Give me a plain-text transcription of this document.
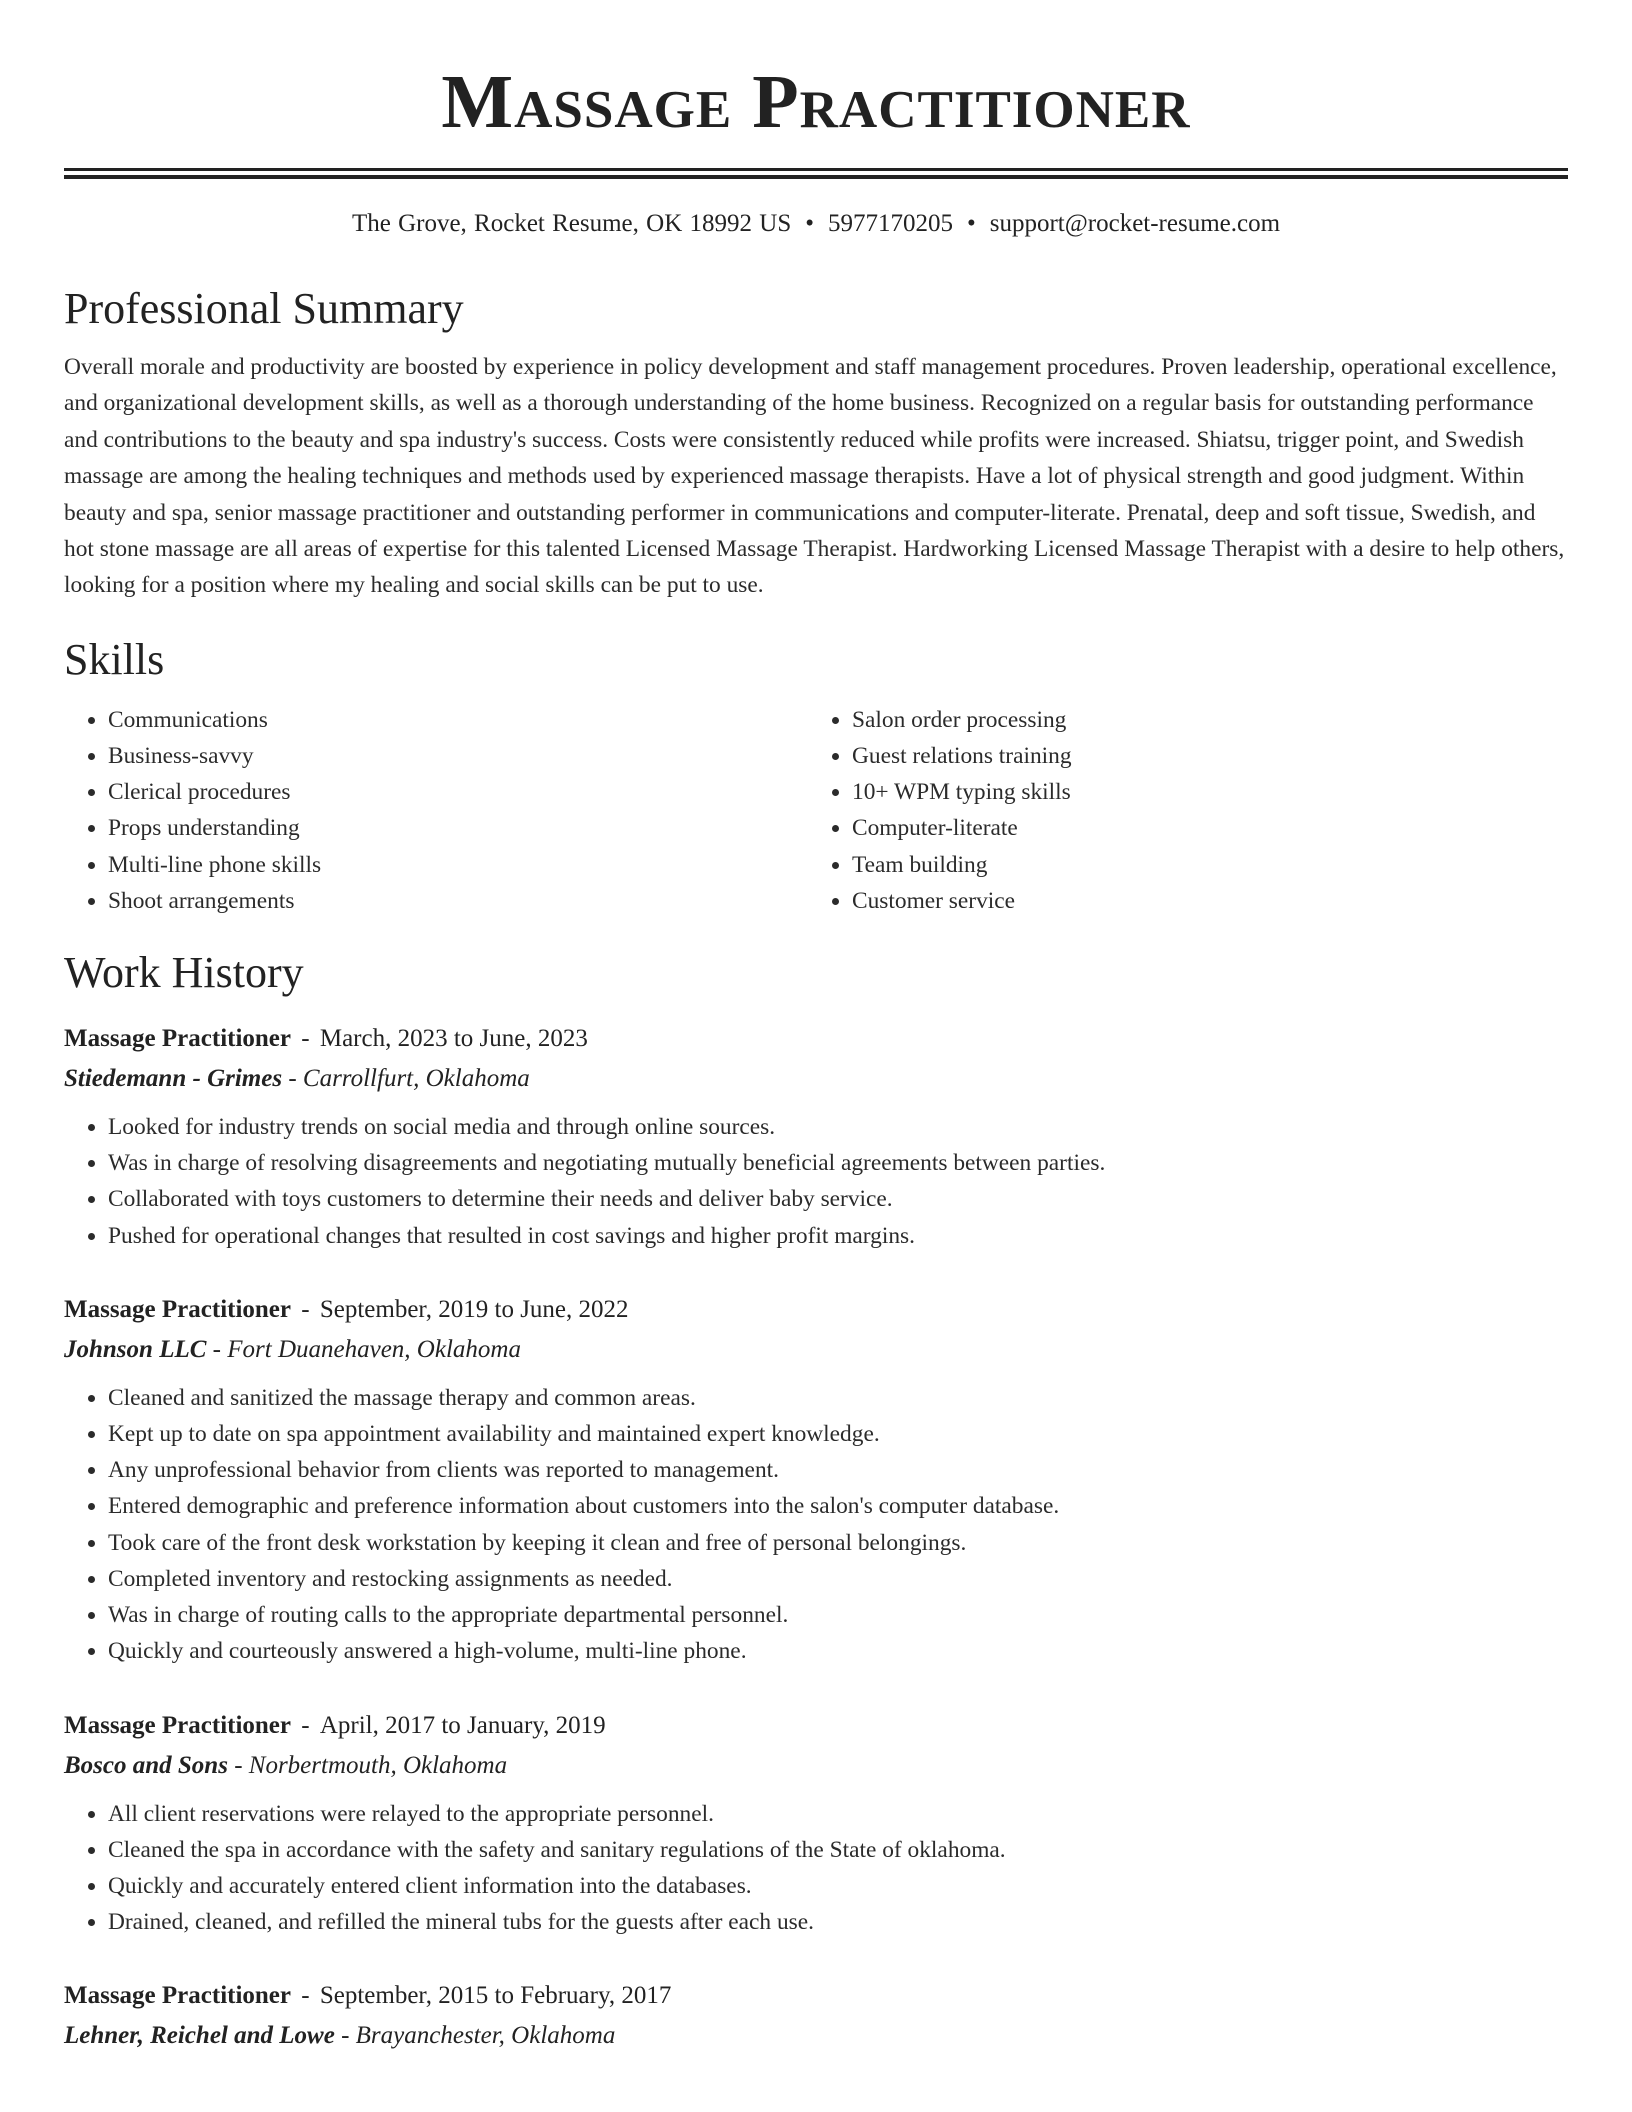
Massage Practitioner
The Grove, Rocket Resume, OK 18992 US • 5977170205 • support@rocket-resume.com
Professional Summary

Overall morale and productivity are boosted by experience in policy development and staff management procedures. Proven leadership, operational excellence, and organizational development skills, as well as a thorough understanding of the home business. Recognized on a regular basis for outstanding performance and contributions to the beauty and spa industry's success. Costs were consistently reduced while profits were increased. Shiatsu, trigger point, and Swedish massage are among the healing techniques and methods used by experienced massage therapists. Have a lot of physical strength and good judgment. Within beauty and spa, senior massage practitioner and outstanding performer in communications and computer-literate. Prenatal, deep and soft tissue, Swedish, and hot stone massage are all areas of expertise for this talented Licensed Massage Therapist. Hardworking Licensed Massage Therapist with a desire to help others, looking for a position where my healing and social skills can be put to use.

Skills
• Communications
• Business-savvy
• Clerical procedures
• Props understanding
• Multi-line phone skills
• Shoot arrangements
• Salon order processing
• Guest relations training
• 10+ WPM typing skills
• Computer-literate
• Team building
• Customer service
Work History
Massage Practitioner - March, 2023 to June, 2023
Stiedemann - Grimes - Carrollfurt, Oklahoma
• Looked for industry trends on social media and through online sources.
• Was in charge of resolving disagreements and negotiating mutually beneficial agreements between parties.
• Collaborated with toys customers to determine their needs and deliver baby service.
• Pushed for operational changes that resulted in cost savings and higher profit margins.
Massage Practitioner - September, 2019 to June, 2022
Johnson LLC - Fort Duanehaven, Oklahoma
• Cleaned and sanitized the massage therapy and common areas.
• Kept up to date on spa appointment availability and maintained expert knowledge.
• Any unprofessional behavior from clients was reported to management.
• Entered demographic and preference information about customers into the salon's computer database.
• Took care of the front desk workstation by keeping it clean and free of personal belongings.
• Completed inventory and restocking assignments as needed.
• Was in charge of routing calls to the appropriate departmental personnel.
• Quickly and courteously answered a high-volume, multi-line phone.
Massage Practitioner - April, 2017 to January, 2019
Bosco and Sons - Norbertmouth, Oklahoma
• All client reservations were relayed to the appropriate personnel.
• Cleaned the spa in accordance with the safety and sanitary regulations of the State of oklahoma.
• Quickly and accurately entered client information into the databases.
• Drained, cleaned, and refilled the mineral tubs for the guests after each use.
Massage Practitioner - September, 2015 to February, 2017
Lehner, Reichel and Lowe - Brayanchester, Oklahoma
